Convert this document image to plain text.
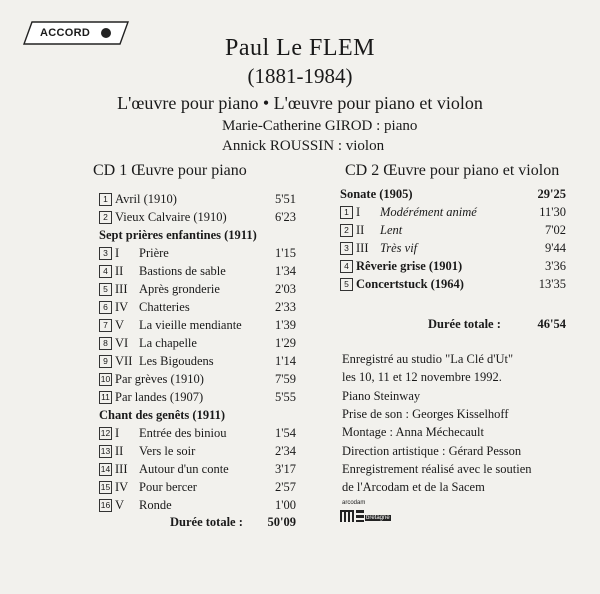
ACCORD
Paul Le FLEM
(1881-1984)
L'œuvre pour piano • L'œuvre pour piano et violon
Marie-Catherine GIROD : piano
Annick ROUSSIN : violon
CD 1 Œuvre pour piano	CD 2 Œuvre pour piano et violon
1 Avril (1910)	5'51
2 Vieux Calvaire (1910)	6'23
Sept prières enfantines (1911)
3 I Prière	1'15
4 II Bastions de sable	1'34
5 III Après gronderie	2'03
6 IV Chatteries	2'33
7 V La vieille mendiante	1'39
8 VI La chapelle	1'29
9 VII Les Bigoudens	1'14
10 Par grèves (1910)	7'59
11 Par landes (1907)	5'55
Chant des genêts (1911)
12 I Entrée des biniou	1'54
13 II Vers le soir	2'34
14 III Autour d'un conte	3'17
15 IV Pour bercer	2'57
16 V Ronde	1'00
Sonate (1905)	29'25
1 I Modérément animé	11'30
2 II Lent	7'02
3 III Très vif	9'44
4 Rêverie grise (1901)	3'36
5 Concertstuck (1964)	13'35
Durée totale :	50'09
Durée totale :	46'54
Enregistré au studio "La Clé d'Ut"
les 10, 11 et 12 novembre 1992.
Piano Steinway
Prise de son : Georges Kisselhoff
Montage : Anna Méchecault
Direction artistique : Gérard Pesson
Enregistrement réalisé avec le soutien
de l'Arcodam et de la Sacem
arcodam
bretagne
